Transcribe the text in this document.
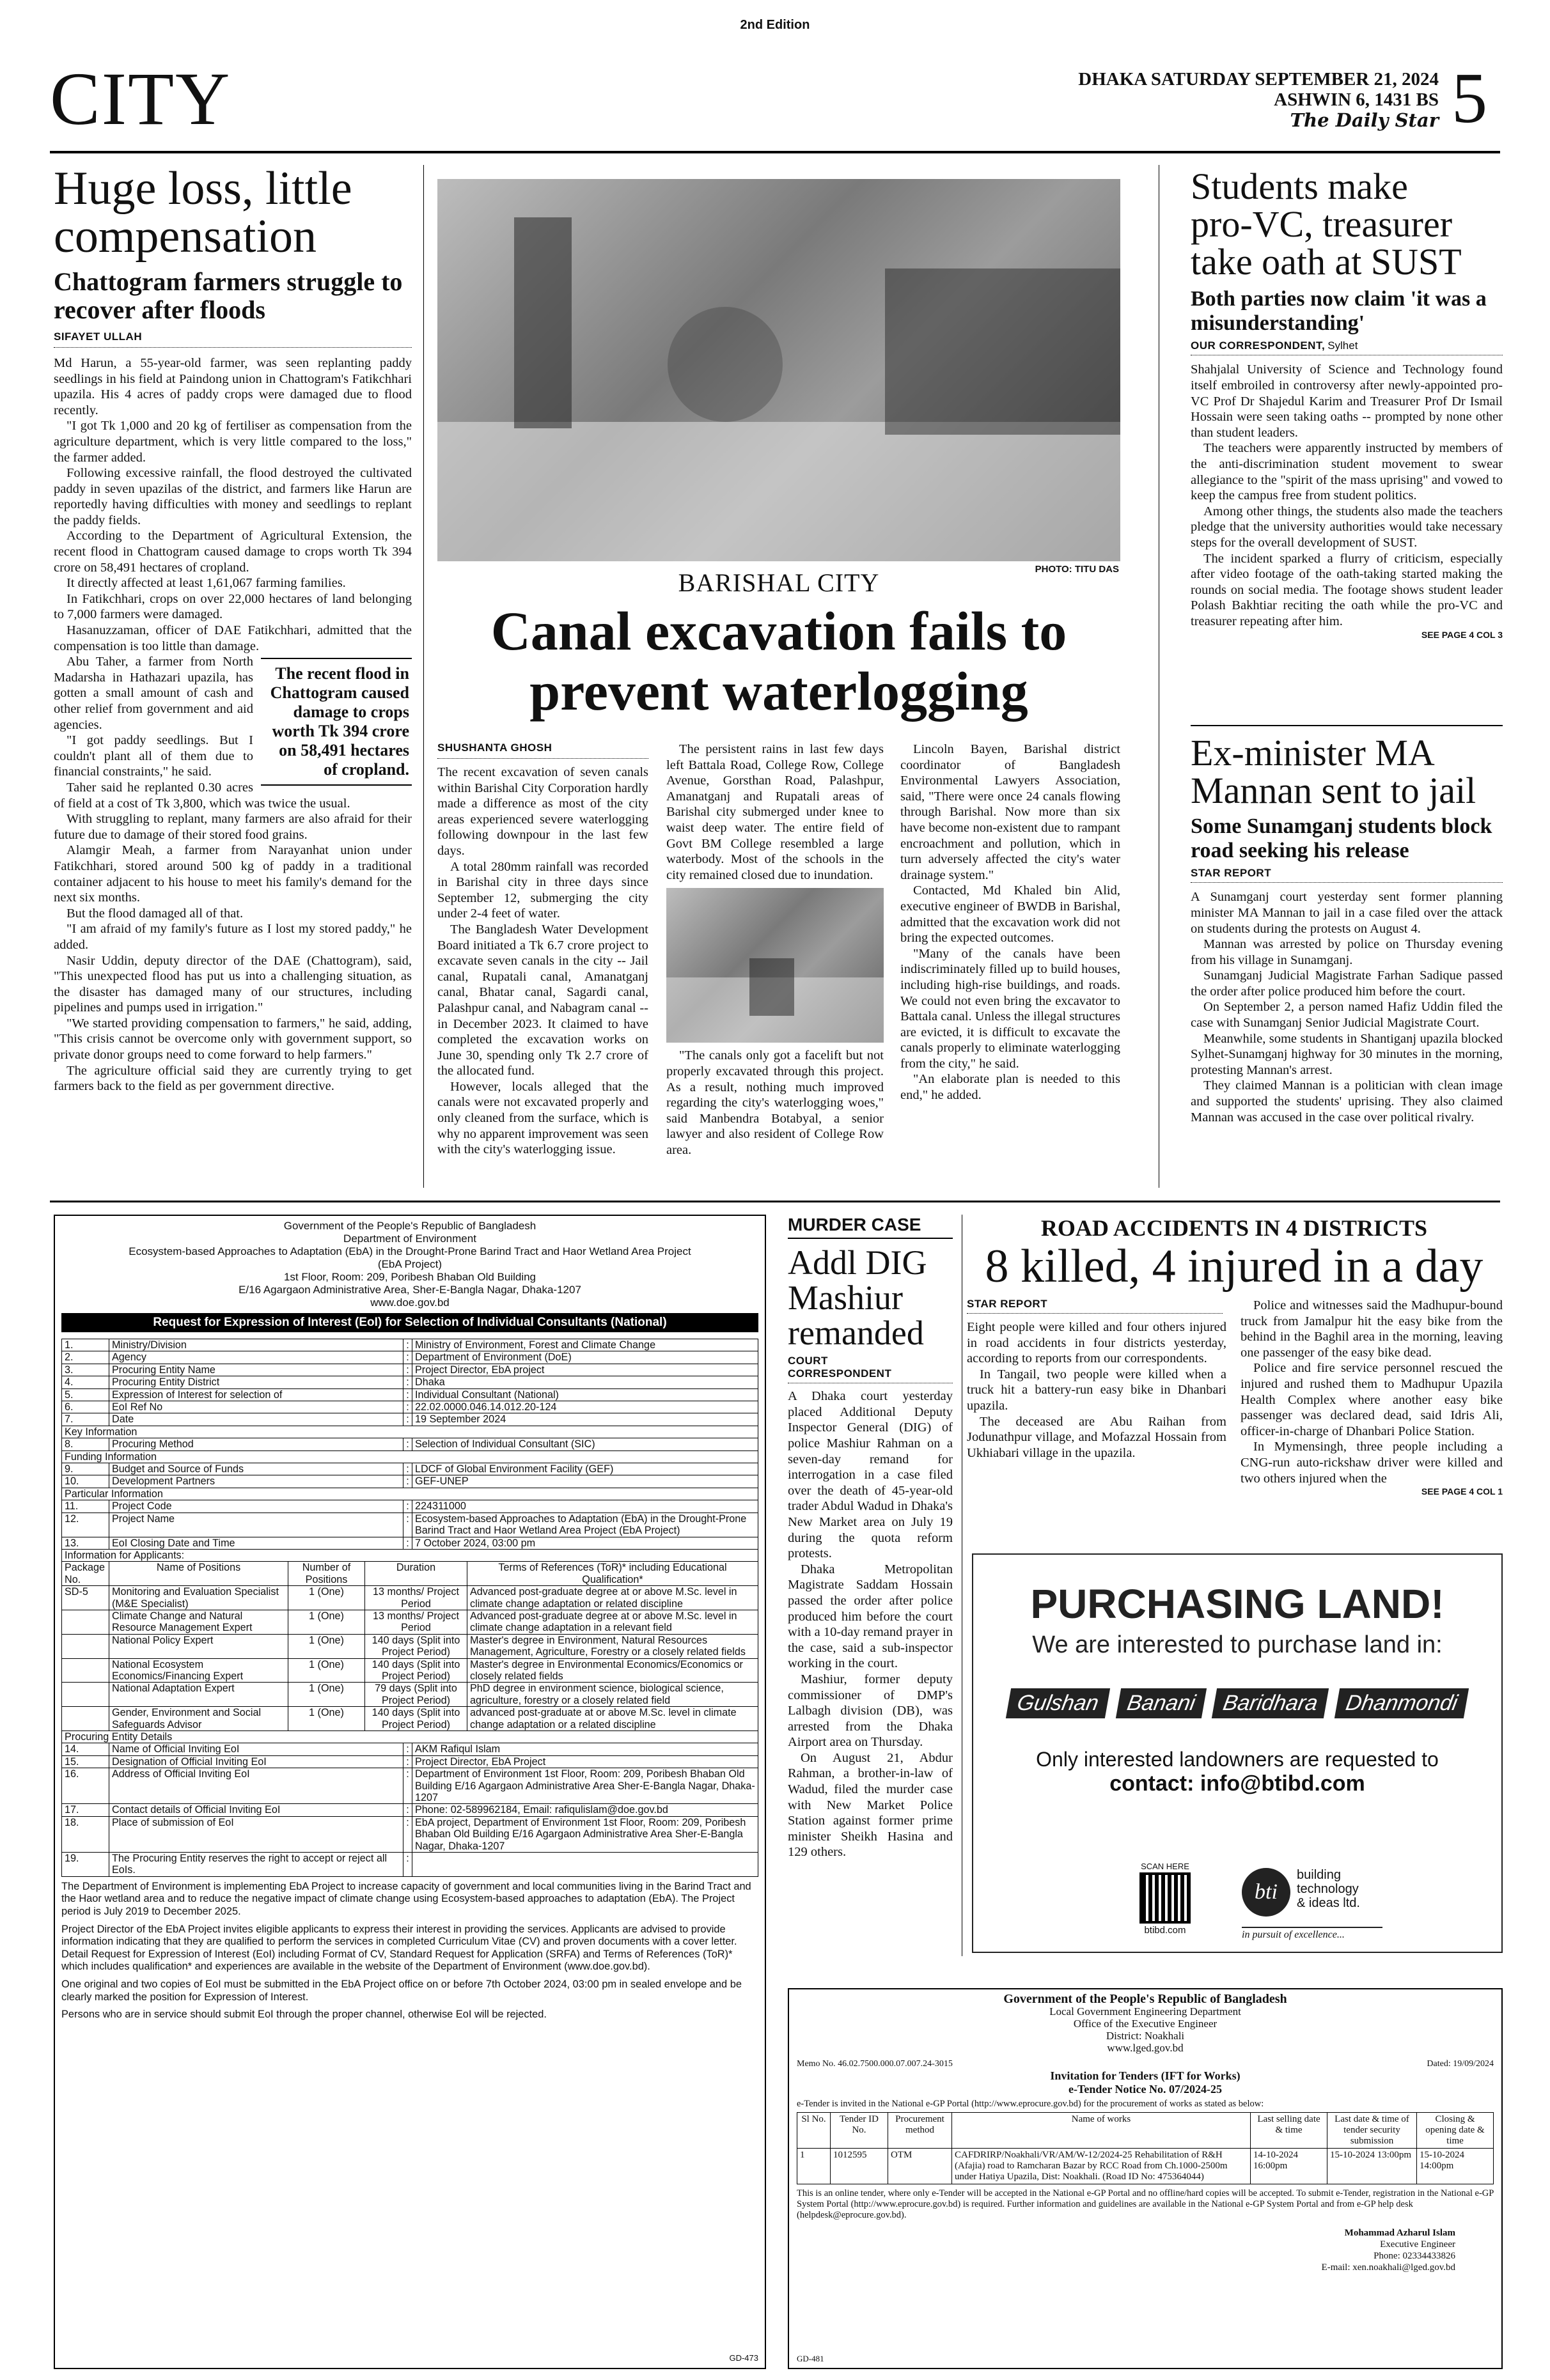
2nd Edition
CITY	DHAKA SATURDAY SEPTEMBER 21, 2024
ASHWIN 6, 1431 BS
The Daily Star 5
Huge loss, little
compensation
Chattogram farmers struggle to recover after floods
SIFAYET ULLAH

Md Harun, a 55-year-old farmer, was seen replanting paddy seedlings in his field at Paindong union in Chattogram's Fatikchhari upazila. His 4 acres of paddy crops were damaged due to flood recently.

"I got Tk 1,000 and 20 kg of fertiliser as compensation from the agriculture department, which is very little compared to the loss," the farmer added.

Following excessive rainfall, the flood destroyed the cultivated paddy in seven upazilas of the district, and farmers like Harun are reportedly having difficulties with money and seedlings to replant the paddy fields.

According to the Department of Agricultural Extension, the recent flood in Chattogram caused damage to crops worth Tk 394 crore on 58,491 hectares of cropland.

It directly affected at least 1,61,067 farming families.

In Fatikchhari, crops on over 22,000 hectares of land belonging to 7,000 farmers were damaged.

Hasanuzzaman, officer of DAE Fatikchhari, admitted that the compensation is too little than damage.

The recent flood in Chattogram caused damage to crops worth Tk 394 crore on 58,491 hectares of cropland.

Abu Taher, a farmer from North Madarsha in Hathazari upazila, has gotten a small amount of cash and other relief from government and aid agencies.

"I got paddy seedlings. But I couldn't plant all of them due to financial constraints," he said.

Taher said he replanted 0.30 acres of field at a cost of Tk 3,800, which was twice the usual.

With struggling to replant, many farmers are also afraid for their future due to damage of their stored food grains.

Alamgir Meah, a farmer from Narayanhat union under Fatikchhari, stored around 500 kg of paddy in a traditional container adjacent to his house to meet his family's demand for the next six months.

But the flood damaged all of that.

"I am afraid of my family's future as I lost my stored paddy," he added.

Nasir Uddin, deputy director of the DAE (Chattogram), said, "This unexpected flood has put us into a challenging situation, as the disaster has damaged many of our structures, including pipelines and pumps used in irrigation."

"We started providing compensation to farmers," he said, adding, "This crisis cannot be overcome only with government support, so private donor groups need to come forward to help farmers."

The agriculture official said they are currently trying to get farmers back to the field as per government directive.

PHOTO: TITU DAS
BARISHAL CITY
Canal excavation fails to
prevent waterlogging
SHUSHANTA GHOSH

The recent excavation of seven canals within Barishal City Corporation hardly made a difference as most of the city areas experienced severe waterlogging following downpour in the last few days.

A total 280mm rainfall was recorded in Barishal city in three days since September 12, submerging the city under 2-4 feet of water.

The Bangladesh Water Development Board initiated a Tk 6.7 crore project to excavate seven canals in the city -- Jail canal, Rupatali canal, Amanatganj canal, Bhatar canal, Sagardi canal, Palashpur canal, and Nabagram canal -- in December 2023. It claimed to have completed the excavation works on June 30, spending only Tk 2.7 crore of the allocated fund.

However, locals alleged that the canals were not excavated properly and only cleaned from the surface, which is why no apparent improvement was seen with the city's waterlogging issue.

The persistent rains in last few days left Battala Road, College Row, College Avenue, Gorsthan Road, Palashpur, Amanatganj and Rupatali areas of Barishal city submerged under knee to waist deep water. The entire field of Govt BM College resembled a large waterbody. Most of the schools in the city remained closed due to inundation.

"The canals only got a facelift but not properly excavated through this project. As a result, nothing much improved regarding the city's waterlogging woes," said Manbendra Botabyal, a senior lawyer and also resident of College Row area.

Lincoln Bayen, Barishal district coordinator of Bangladesh Environmental Lawyers Association, said, "There were once 24 canals flowing through Barishal. Now more than six have become non-existent due to rampant encroachment and pollution, which in turn adversely affected the city's water drainage system."

Contacted, Md Khaled bin Alid, executive engineer of BWDB in Barishal, admitted that the excavation work did not bring the expected outcomes.

"Many of the canals have been indiscriminately filled up to build houses, including high-rise buildings, and roads. We could not even bring the excavator to Battala canal. Unless the illegal structures are evicted, it is difficult to excavate the canals properly to eliminate waterlogging from the city," he said.

"An elaborate plan is needed to this end," he added.

Students make
pro-VC, treasurer
take oath at SUST
Both parties now claim 'it was a misunderstanding'
OUR CORRESPONDENT, Sylhet

Shahjalal University of Science and Technology found itself embroiled in controversy after newly-appointed pro-VC Prof Dr Shajedul Karim and Treasurer Prof Dr Ismail Hossain were seen taking oaths -- prompted by none other than student leaders.

The teachers were apparently instructed by members of the anti-discrimination student movement to swear allegiance to the "spirit of the mass uprising" and vowed to keep the campus free from student politics.

Among other things, the students also made the teachers pledge that the university authorities would take necessary steps for the overall development of SUST.

The incident sparked a flurry of criticism, especially after video footage of the oath-taking started making the rounds on social media. The footage shows student leader Polash Bakhtiar reciting the oath while the pro-VC and treasurer repeating after him.

SEE PAGE 4 COL 3
Ex-minister MA
Mannan sent to jail
Some Sunamganj students block road seeking his release
STAR REPORT

A Sunamganj court yesterday sent former planning minister MA Mannan to jail in a case filed over the attack on students during the protests on August 4.

Mannan was arrested by police on Thursday evening from his village in Sunamganj.

Sunamganj Judicial Magistrate Farhan Sadique passed the order after police produced him before the court.

On September 2, a person named Hafiz Uddin filed the case with Sunamganj Senior Judicial Magistrate Court.

Meanwhile, some students in Shantiganj upazila blocked Sylhet-Sunamganj highway for 30 minutes in the morning, protesting Mannan's arrest.

They claimed Mannan is a politician with clean image and supported the students' uprising. They also claimed Mannan was accused in the case over political rivalry.

Government of the People's Republic of Bangladesh
Department of Environment
Ecosystem-based Approaches to Adaptation (EbA) in the Drought-Prone Barind Tract and Haor Wetland Area Project
(EbA Project)
1st Floor, Room: 209, Poribesh Bhaban Old Building
E/16 Agargaon Administrative Area, Sher-E-Bangla Nagar, Dhaka-1207
www.doe.gov.bd
Request for Expression of Interest (EoI) for Selection of Individual Consultants (National)
1.	Ministry/Division	:	Ministry of Environment, Forest and Climate Change
2.	Agency	:	Department of Environment (DoE)
3.	Procuring Entity Name	:	Project Director, EbA project
4.	Procuring Entity District	:	Dhaka
5.	Expression of Interest for selection of	:	Individual Consultant (National)
6.	EoI Ref No	:	22.02.0000.046.14.012.20-124
7.	Date	:	19 September 2024
Key Information			
8.	Procuring Method	:	Selection of Individual Consultant (SIC)
Funding Information			
9.	Budget and Source of Funds	:	LDCF of Global Environment Facility (GEF)
10.	Development Partners	:	GEF-UNEP
Particular Information			
11.	Project Code	:	224311000
12.	Project Name	:	Ecosystem-based Approaches to Adaptation (EbA) in the Drought-Prone Barind Tract and Haor Wetland Area Project (EbA Project)
13.	EoI Closing Date and Time	:	7 October 2024, 03:00 pm
Information for Applicants:				
Package No.	Name of Positions	Number of Positions	Duration	Terms of References (ToR)* including Educational Qualification*
SD-5	Monitoring and Evaluation Specialist (M&E Specialist)	1 (One)	13 months/ Project Period	Advanced post-graduate degree at or above M.Sc. level in climate change adaptation or related discipline
	Climate Change and Natural Resource Management Expert	1 (One)	13 months/ Project Period	Advanced post-graduate degree at or above M.Sc. level in climate change adaptation in a relevant field
	National Policy Expert	1 (One)	140 days (Split into Project Period)	Master's degree in Environment, Natural Resources Management, Agriculture, Forestry or a closely related fields
	National Ecosystem Economics/Financing Expert	1 (One)	140 days (Split into Project Period)	Master's degree in Environmental Economics/Economics or closely related fields
	National Adaptation Expert	1 (One)	79 days (Split into Project Period)	PhD degree in environment science, biological science, agriculture, forestry or a closely related field
	Gender, Environment and Social Safeguards Advisor	1 (One)	140 days (Split into Project Period)	advanced post-graduate at or above M.Sc. level in climate change adaptation or a related discipline
Procuring Entity Details			
14.	Name of Official Inviting EoI	:	AKM Rafiqul Islam
15.	Designation of Official Inviting EoI	:	Project Director, EbA Project
16.	Address of Official Inviting EoI	:	Department of Environment 1st Floor, Room: 209, Poribesh Bhaban Old Building E/16 Agargaon Administrative Area Sher-E-Bangla Nagar, Dhaka-1207
17.	Contact details of Official Inviting EoI	:	Phone: 02-589962184, Email: rafiqulislam@doe.gov.bd
18.	Place of submission of EoI	:	EbA project, Department of Environment 1st Floor, Room: 209, Poribesh Bhaban Old Building E/16 Agargaon Administrative Area Sher-E-Bangla Nagar, Dhaka-1207
19.	The Procuring Entity reserves the right to accept or reject all EoIs.	:	

The Department of Environment is implementing EbA Project to increase capacity of government and local communities living in the Barind Tract and the Haor wetland area and to reduce the negative impact of climate change using Ecosystem-based approaches to adaptation (EbA). The Project period is July 2019 to December 2025.

Project Director of the EbA Project invites eligible applicants to express their interest in providing the services. Applicants are advised to provide information indicating that they are qualified to perform the services in completed Curriculum Vitae (CV) and proven documents with a cover letter. Detail Request for Expression of Interest (EoI) including Format of CV, Standard Request for Application (SRFA) and Terms of References (ToR)* which includes qualification* and experiences are available in the website of the Department of Environment (www.doe.gov.bd).

One original and two copies of EoI must be submitted in the EbA Project office on or before 7th October 2024, 03:00 pm in sealed envelope and be clearly marked the position for Expression of Interest.

Persons who are in service should submit EoI through the proper channel, otherwise EoI will be rejected.

GD-473
MURDER CASE
Addl DIG
Mashiur
remanded
COURT
CORRESPONDENT

A Dhaka court yesterday placed Additional Deputy Inspector General (DIG) of police Mashiur Rahman on a seven-day remand for interrogation in a case filed over the death of 45-year-old trader Abdul Wadud in Dhaka's New Market area on July 19 during the quota reform protests.

Dhaka Metropolitan Magistrate Saddam Hossain passed the order after police produced him before the court with a 10-day remand prayer in the case, said a sub-inspector working in the court.

Mashiur, former deputy commissioner of DMP's Lalbagh division (DB), was arrested from the Dhaka Airport area on Thursday.

On August 21, Abdur Rahman, a brother-in-law of Wadud, filed the murder case with New Market Police Station against former prime minister Sheikh Hasina and 129 others.

ROAD ACCIDENTS IN 4 DISTRICTS
8 killed, 4 injured in a day
STAR REPORT

Eight people were killed and four others injured in road accidents in four districts yesterday, according to reports from our correspondents.

In Tangail, two people were killed when a truck hit a battery-run easy bike in Dhanbari upazila.

The deceased are Abu Raihan from Jodunathpur village, and Mofazzal Hossain from Ukhiabari village in the upazila.

Police and witnesses said the Madhupur-bound truck from Jamalpur hit the easy bike from the behind in the Baghil area in the morning, leaving one passenger of the easy bike dead.

Police and fire service personnel rescued the injured and rushed them to Madhupur Upazila Health Complex where another easy bike passenger was declared dead, said Idris Ali, officer-in-charge of Dhanbari Police Station.

In Mymensingh, three people including a CNG-run auto-rickshaw driver were killed and two others injured when the

SEE PAGE 4 COL 1
PURCHASING LAND!
We are interested to purchase land in:
Gulshan Banani Baridhara Dhanmondi
Only interested landowners are requested to
contact: info@btibd.com
SCAN HERE
btibd.com
bti
building
technology
& ideas ltd.
in pursuit of excellence...
Government of the People's Republic of Bangladesh
Local Government Engineering Department
Office of the Executive Engineer
District: Noakhali
www.lged.gov.bd
Memo No. 46.02.7500.000.07.007.24-3015	Dated: 19/09/2024
Invitation for Tenders (IFT for Works)
e-Tender Notice No. 07/2024-25
e-Tender is invited in the National e-GP Portal (http://www.eprocure.gov.bd) for the procurement of works as stated as below:
Sl No.	Tender ID No.	Procurement method	Name of works	Last selling date & time	Last date & time of tender security submission	Closing & opening date & time
1	1012595	OTM	CAFDRIRP/Noakhali/VR/AM/W-12/2024-25 Rehabilitation of R&H (Afajia) road to Ramcharan Bazar by RCC Road from Ch.1000-2500m under Hatiya Upazila, Dist: Noakhali. (Road ID No: 475364044)	14-10-2024 16:00pm	15-10-2024 13:00pm	15-10-2024 14:00pm
This is an online tender, where only e-Tender will be accepted in the National e-GP Portal and no offline/hard copies will be accepted. To submit e-Tender, registration in the National e-GP System Portal (http://www.eprocure.gov.bd) is required. Further information and guidelines are available in the National e-GP System Portal and from e-GP help desk (helpdesk@eprocure.gov.bd).
Mohammad Azharul Islam
Executive Engineer
Phone: 02334433826
E-mail: xen.noakhali@lged.gov.bd
GD-481
